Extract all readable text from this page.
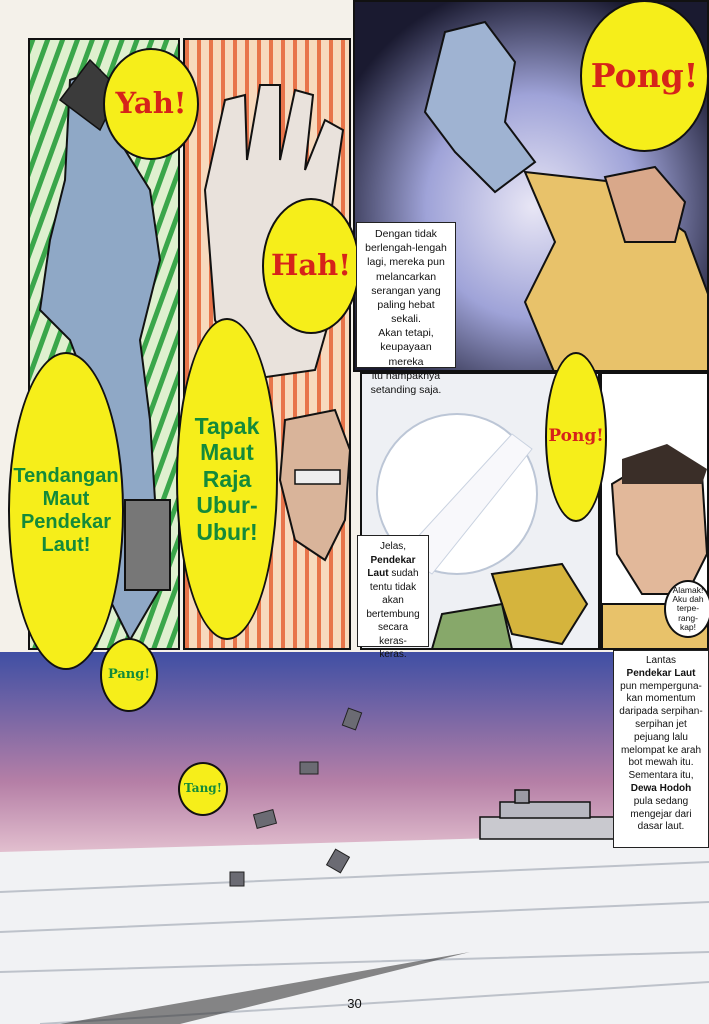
Yah!
Hah!
Pong!
Pong!
Tendangan
Maut
Pendekar
Laut!
Tapak
Maut
Raja
Ubur-
Ubur!
Alamak!
Aku dah
terpe-
rang-
kap!
Pang!
Tang!
Dengan tidak
berlengah-lengah
lagi, mereka pun
melancarkan
serangan yang
paling hebat sekali.
Akan tetapi,
keupayaan mereka
itu nampaknya
setanding saja.
Jelas,
Pendekar
Laut sudah
tentu tidak
akan
bertembung
secara keras-
keras.
Lantas
Pendekar Laut
pun memperguna-
kan momentum
daripada serpihan-
serpihan jet
pejuang lalu
melompat ke arah
bot mewah itu.
Sementara itu,
Dewa Hodoh
pula sedang
mengejar dari
dasar laut.
30
